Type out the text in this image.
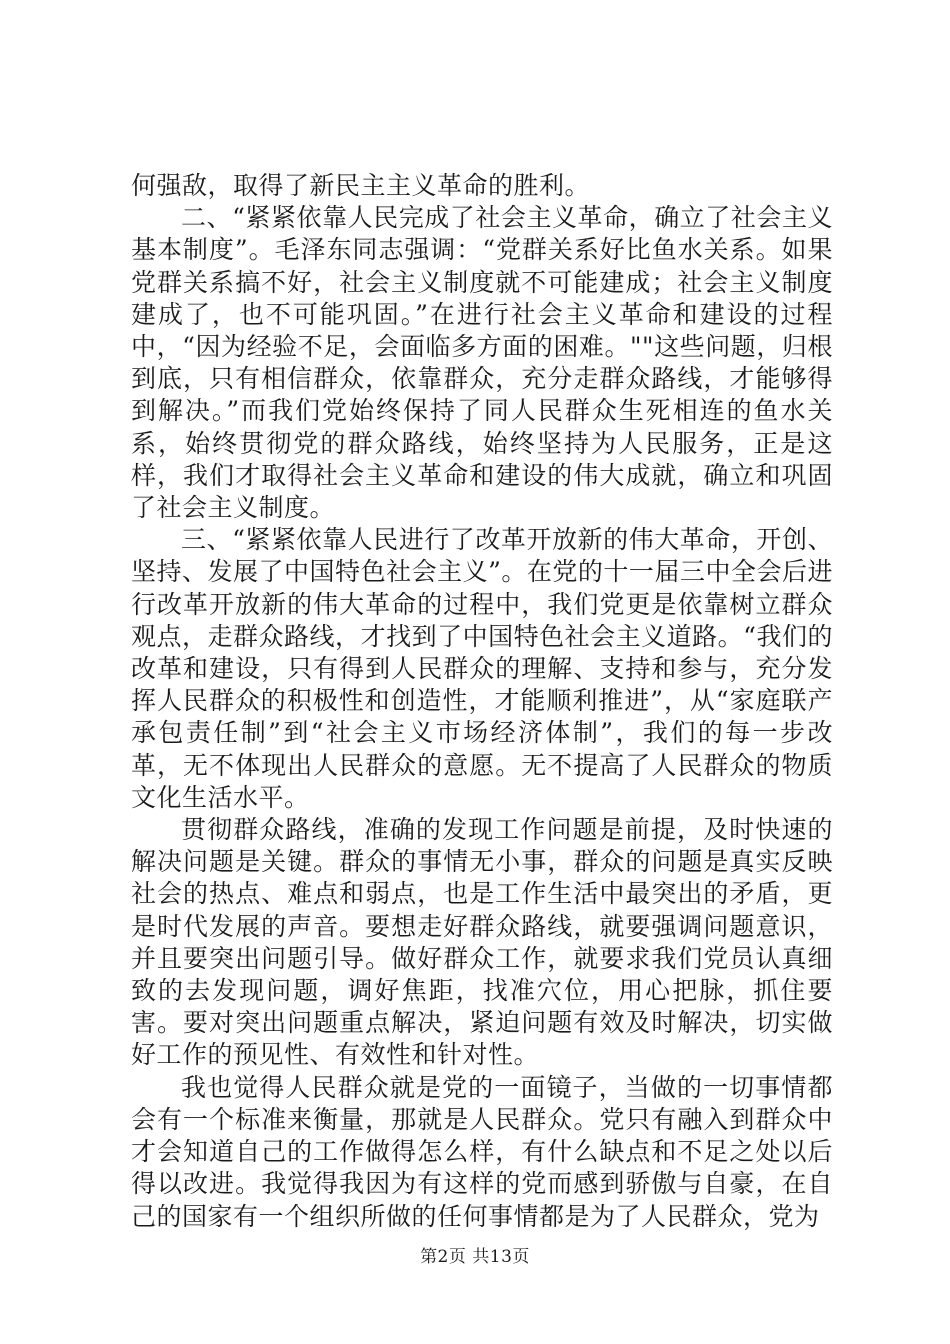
何强敌，取得了新民主主义革命的胜利。

二、“紧紧依靠人民完成了社会主义革命，确立了社会主义基本制度”。毛泽东同志强调：“党群关系好比鱼水关系。如果党群关系搞不好，社会主义制度就不可能建成；社会主义制度建成了，也不可能巩固。”在进行社会主义革命和建设的过程中，“因为经验不足，会面临多方面的困难。""这些问题，归根到底，只有相信群众，依靠群众，充分走群众路线，才能够得到解决。”而我们党始终保持了同人民群众生死相连的鱼水关系，始终贯彻党的群众路线，始终坚持为人民服务，正是这样，我们才取得社会主义革命和建设的伟大成就，确立和巩固了社会主义制度。

三、“紧紧依靠人民进行了改革开放新的伟大革命，开创、坚持、发展了中国特色社会主义”。在党的十一届三中全会后进行改革开放新的伟大革命的过程中，我们党更是依靠树立群众观点，走群众路线，才找到了中国特色社会主义道路。“我们的改革和建设，只有得到人民群众的理解、支持和参与，充分发挥人民群众的积极性和创造性，才能顺利推进”，从“家庭联产承包责任制”到“社会主义市场经济体制”，我们的每一步改革，无不体现出人民群众的意愿。无不提高了人民群众的物质文化生活水平。

贯彻群众路线，准确的发现工作问题是前提，及时快速的解决问题是关键。群众的事情无小事，群众的问题是真实反映社会的热点、难点和弱点，也是工作生活中最突出的矛盾，更是时代发展的声音。要想走好群众路线，就要强调问题意识，并且要突出问题引导。做好群众工作，就要求我们党员认真细致的去发现问题，调好焦距，找准穴位，用心把脉，抓住要害。要对突出问题重点解决，紧迫问题有效及时解决，切实做好工作的预见性、有效性和针对性。

我也觉得人民群众就是党的一面镜子，当做的一切事情都会有一个标准来衡量，那就是人民群众。党只有融入到群众中才会知道自己的工作做得怎么样，有什么缺点和不足之处以后得以改进。我觉得我因为有这样的党而感到骄傲与自豪，在自己的国家有一个组织所做的任何事情都是为了人民群众，党为

第2页 共13页
